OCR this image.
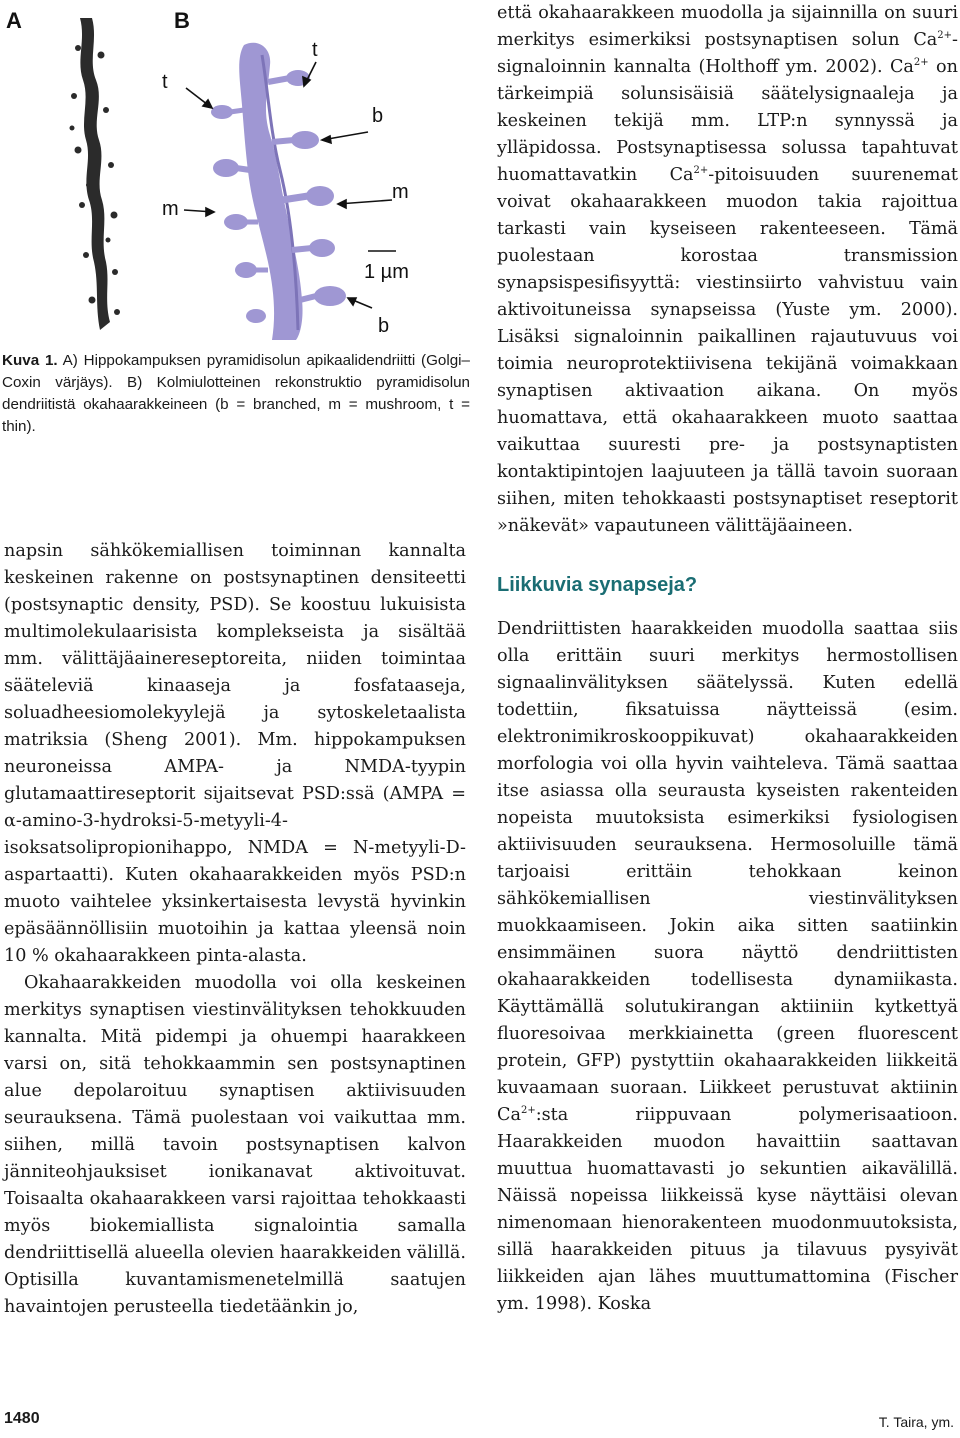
A	B
t
m
t
b
m
1 µm
b
Kuva 1. A) Hippokampuksen pyramidisolun apikaalidendriitti (Golgi–Coxin värjäys). B) Kolmiulotteinen rekonstruktio pyramidisolun dendriitistä okahaarakkeineen (b = branched, m = mushroom, t = thin).

napsin sähkökemiallisen toiminnan kannalta keskeinen rakenne on postsynaptinen densiteetti (postsynaptic density, PSD). Se koostuu lukuisista multimolekulaarisista komplekseista ja sisältää mm. välittäjäainereseptoreita, niiden toimintaa sääteleviä kinaaseja ja fosfataaseja, soluadheesiomolekyylejä ja sytoskeletaalista matriksia (Sheng 2001). Mm. hippokampuksen neuroneissa AMPA- ja NMDA-tyypin glutamaattireseptorit sijaitsevat PSD:ssä (AMPA = α-amino-3-hydroksi-5-metyyli-4-isoksatsolipropionihappo, NMDA = N-metyyli-D-aspartaatti). Kuten okahaarakkeiden myös PSD:n muoto vaihtelee yksinkertaisesta levystä hyvinkin epäsäännöllisiin muotoihin ja kattaa yleensä noin 10 % okahaarakkeen pinta-alasta.

Okahaarakkeiden muodolla voi olla keskeinen merkitys synaptisen viestinvälityksen tehokkuuden kannalta. Mitä pidempi ja ohuempi haarakkeen varsi on, sitä tehokkaammin sen postsynaptinen alue depolaroituu synaptisen aktiivisuuden seurauksena. Tämä puolestaan voi vaikuttaa mm. siihen, millä tavoin postsynaptisen kalvon jänniteohjauksiset ionikanavat aktivoituvat. Toisaalta okahaarakkeen varsi rajoittaa tehokkaasti myös biokemiallista signalointia samalla dendriittisellä alueella olevien haarakkeiden välillä. Optisilla kuvantamismenetelmillä saatujen havaintojen perusteella tiedetäänkin jo,

että okahaarakkeen muodolla ja sijainnilla on suuri merkitys esimerkiksi postsynaptisen solun $Ca^{2+}$-signaloinnin kannalta (Holthoff ym. 2002). $Ca^{2+}$ on tärkeimpiä solunsisäisiä säätelysignaaleja ja keskeinen tekijä mm. LTP:n synnyssä ja ylläpidossa. Postsynaptisessa solussa tapahtuvat huomattavatkin $Ca^{2+}$-pitoisuuden suurenemat voivat okahaarakkeen muodon takia rajoittua tarkasti vain kyseiseen rakenteeseen. Tämä puolestaan korostaa transmission synapsispesifisyyttä: viestinsiirto vahvistuu vain aktivoituneissa synapseissa (Yuste ym. 2000). Lisäksi signaloinnin paikallinen rajautuvuus voi toimia neuroprotektiivisena tekijänä voimakkaan synaptisen aktivaation aikana. On myös huomattava, että okahaarakkeen muoto saattaa vaikuttaa suuresti pre- ja postsynaptisten kontaktipintojen laajuuteen ja tällä tavoin suoraan siihen, miten tehokkaasti postsynaptiset reseptorit »näkevät» vapautuneen välittäjäaineen.

Liikkuvia synapseja?

Dendriittisten haarakkeiden muodolla saattaa siis olla erittäin suuri merkitys hermostollisen signaalinvälityksen säätelyssä. Kuten edellä todettiin, fiksatuissa näytteissä (esim. elektronimikroskooppikuvat) okahaarakkeiden morfologia voi olla hyvin vaihteleva. Tämä saattaa itse asiassa olla seurausta kyseisten rakenteiden nopeista muutoksista esimerkiksi fysiologisen aktiivisuuden seurauksena. Hermosoluille tämä tarjoaisi erittäin tehokkaan keinon sähkökemiallisen viestinvälityksen muokkaamiseen. Jokin aika sitten saatiinkin ensimmäinen suora näyttö dendriittisten okahaarakkeiden todellisesta dynamiikasta. Käyttämällä solutukirangan aktiiniin kytkettyä fluoresoivaa merkkiainetta (green fluorescent protein, GFP) pystyttiin okahaarakkeiden liikkeitä kuvaamaan suoraan. Liikkeet perustuvat aktiinin $Ca^{2+}:sta$ riippuvaan polymerisaatioon. Haarakkeiden muodon havaittiin saattavan muuttua huomattavasti jo sekuntien aikavälillä. Näissä nopeissa liikkeissä kyse näyttäisi olevan nimenomaan hienorakenteen muodonmuutoksista, sillä haarakkeiden pituus ja tilavuus pysyivät liikkeiden ajan lähes muuttumattomina (Fischer ym. 1998). Koska

1480	T. Taira, ym.
